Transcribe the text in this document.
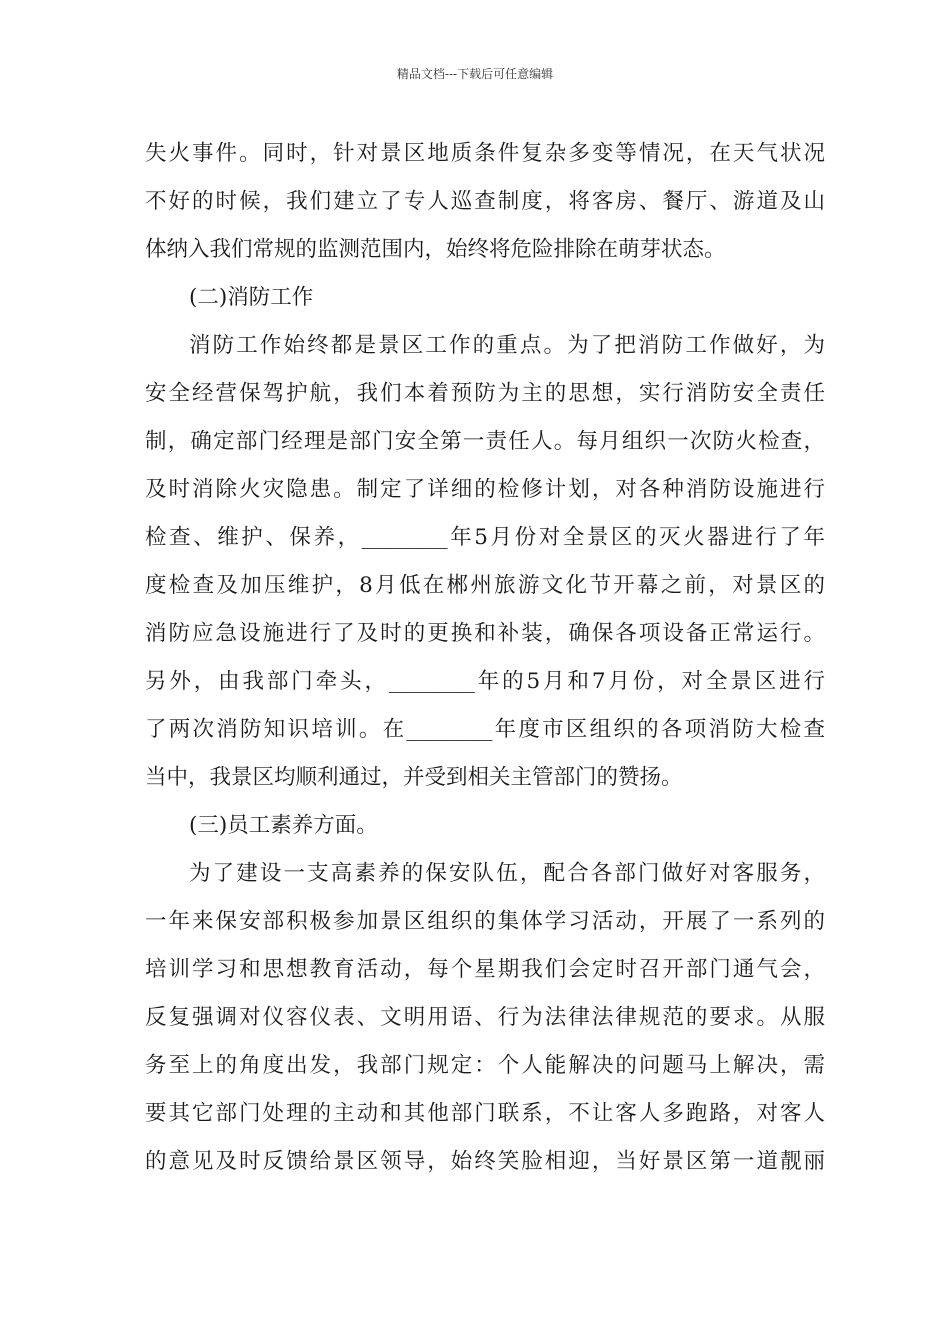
精品文档---下载后可任意编辑
失火事件。同时，针对景区地质条件复杂多变等情况，在天气状况
不好的时候，我们建立了专人巡查制度，将客房、餐厅、游道及山
体纳入我们常规的监测范围内，始终将危险排除在萌芽状态。
(二)消防工作
消防工作始终都是景区工作的重点。为了把消防工作做好，为
安全经营保驾护航，我们本着预防为主的思想，实行消防安全责任
制，确定部门经理是部门安全第一责任人。每月组织一次防火检查，
及时消除火灾隐患。制定了详细的检修计划，对各种消防设施进行
检查、维护、保养，________年5月份对全景区的灭火器进行了年
度检查及加压维护，8月低在郴州旅游文化节开幕之前，对景区的
消防应急设施进行了及时的更换和补装，确保各项设备正常运行。
另外，由我部门牵头，________年的5月和7月份，对全景区进行
了两次消防知识培训。在________年度市区组织的各项消防大检查
当中，我景区均顺利通过，并受到相关主管部门的赞扬。
(三)员工素养方面。
为了建设一支高素养的保安队伍，配合各部门做好对客服务，
一年来保安部积极参加景区组织的集体学习活动，开展了一系列的
培训学习和思想教育活动，每个星期我们会定时召开部门通气会，
反复强调对仪容仪表、文明用语、行为法律法律规范的要求。从服
务至上的角度出发，我部门规定：个人能解决的问题马上解决，需
要其它部门处理的主动和其他部门联系，不让客人多跑路，对客人
的意见及时反馈给景区领导，始终笑脸相迎，当好景区第一道靓丽
